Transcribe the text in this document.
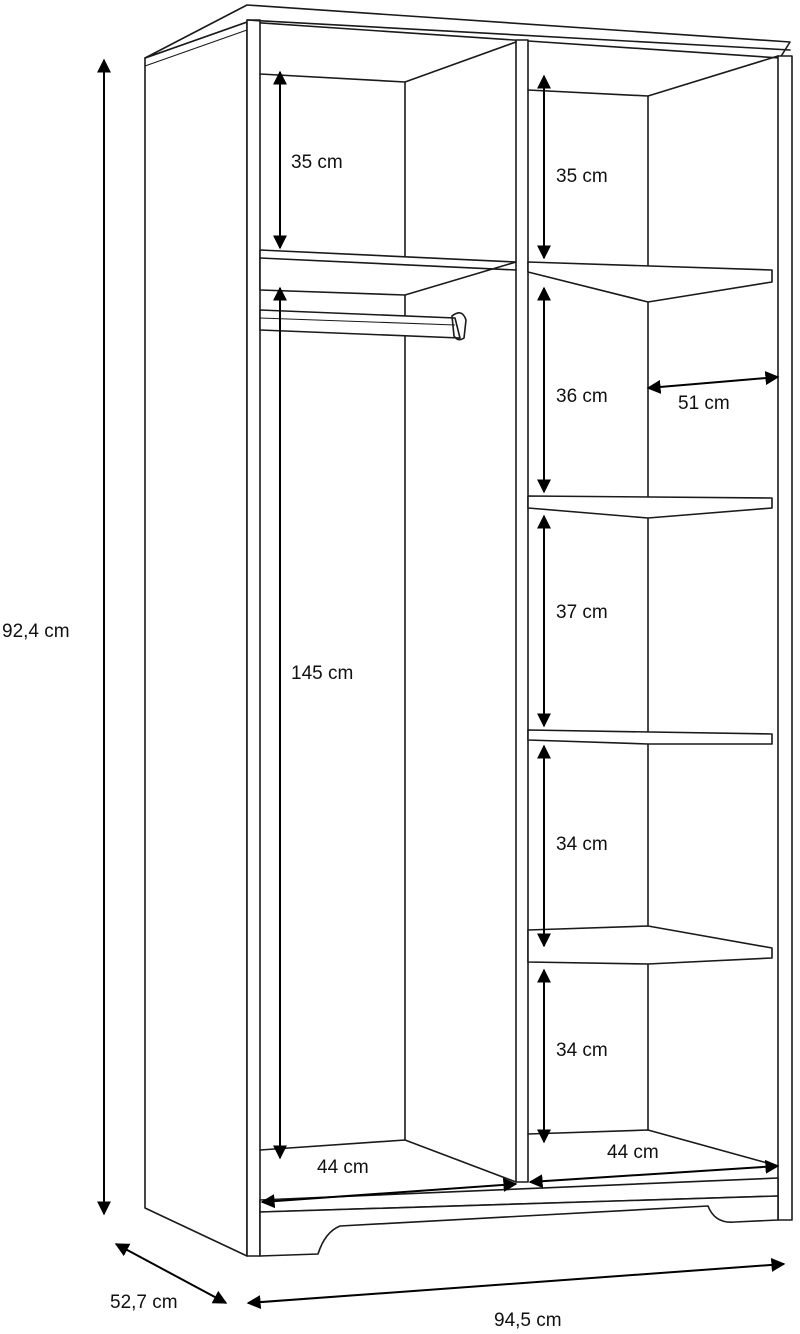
92,4 cm
52,7 cm
94,5 cm
35 cm
145 cm
44 cm
35 cm
36 cm
37 cm
34 cm
34 cm
44 cm
51 cm
